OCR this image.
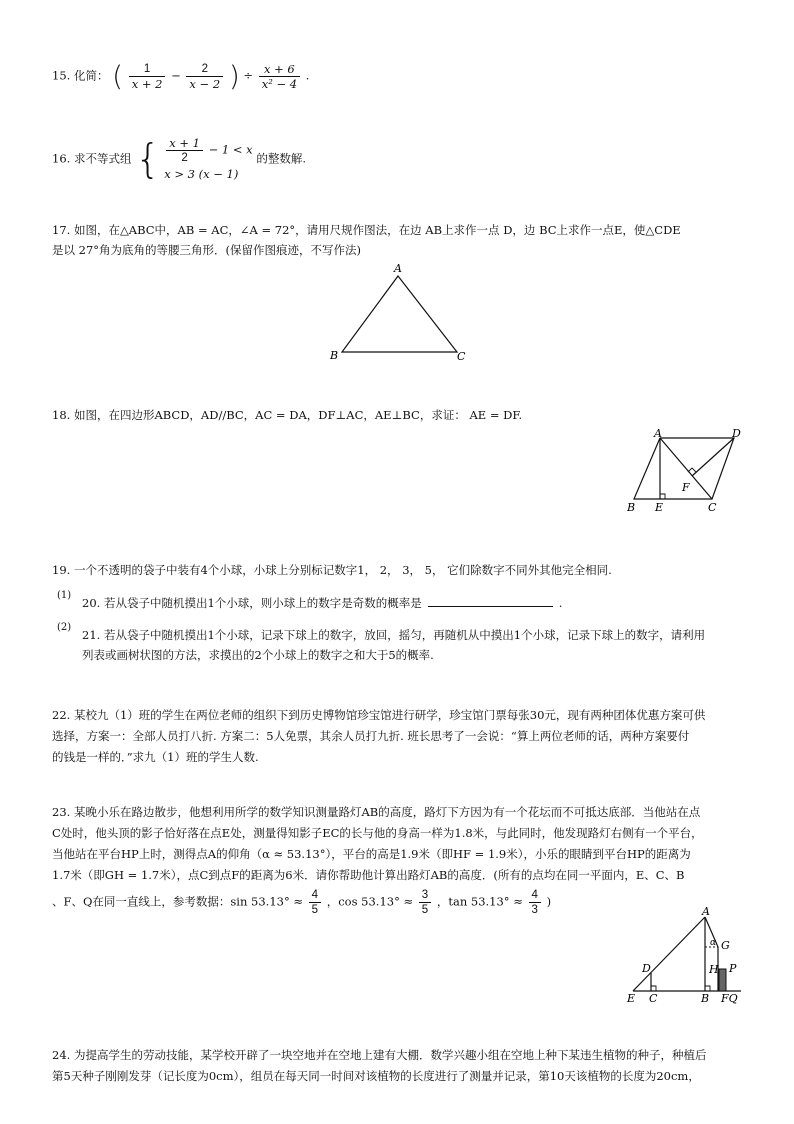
15. 化简： ( $\frac{1}{x + 2} - \frac{2}{x - 2}$ ) ÷ $\frac{x + 6}{\text{x² − 4}}$ .
16. 求不等式组 { $\frac{x + 1}{2} - 1 < x$
x > 3 (x − 1)
的整数解.
17. 如图，在△ABC中，AB = AC，∠A = 72°，请用尺规作图法，在边 AB上求作一点 D，边 BC上求作一点E，使△CDE
是以 27°角为底角的等腰三角形．(保留作图痕迹，不写作法)
A
B	C
18. 如图，在四边形ABCD，AD//BC，AC = DA，DF⊥AC，AE⊥BC，求证： AE = DF.
A	D
F
B E	C
19. 一个不透明的袋子中装有4个小球，小球上分别标记数字1， 2， 3， 5， 它们除数字不同外其他完全相同.
(1)
20. 若从袋子中随机摸出1个小球，则小球上的数字是奇数的概率是	.
(2)
21. 若从袋子中随机摸出1个小球，记录下球上的数字，放回，摇匀，再随机从中摸出1个小球，记录下球上的数字，请利用
列表或画树状图的方法，求摸出的2个小球上的数字之和大于5的概率.
22. 某校九（1）班的学生在两位老师的组织下到历史博物馆珍宝馆进行研学，珍宝馆门票每张30元，现有两种团体优惠方案可供
选择，方案一：全部人员打八折. 方案二：5人免票，其余人员打九折. 班长思考了一会说：“算上两位老师的话，两种方案要付
的钱是一样的．”求九（1）班的学生人数.
23. 某晚小乐在路边散步，他想利用所学的数学知识测量路灯AB的高度，路灯下方因为有一个花坛而不可抵达底部．当他站在点
C处时，他头顶的影子恰好落在点E处，测量得知影子EC的长与他的身高一样为1.8米，与此同时，他发现路灯右侧有一个平台，
当他站在平台HP上时，测得点A的仰角（α ≈ 53.13°），平台的高是1.9米（即HF = 1.9米），小乐的眼睛到平台HP的距离为
1.7米（即GH = 1.7米），点C到点F的距离为6米．请你帮助他计算出路灯AB的高度．(所有的点均在同一平面内，E、C、B
、F、Q在同一直线上，参考数据：$\sin 53.13^\circ \approx \frac{4}{5}$ ，$\cos 53.13^\circ \approx \frac{3}{5}$ ，$\tan 53.13^\circ \approx \frac{4}{3}$ )
A
α G
D	H P
E C	B FQ
24. 为提高学生的劳动技能，某学校开辟了一块空地并在空地上建有大棚．数学兴趣小组在空地上种下某违生植物的种子，种植后
第5天种子刚刚发芽（记长度为0cm），组员在每天同一时间对该植物的长度进行了测量并记录，第10天该植物的长度为20cm，
